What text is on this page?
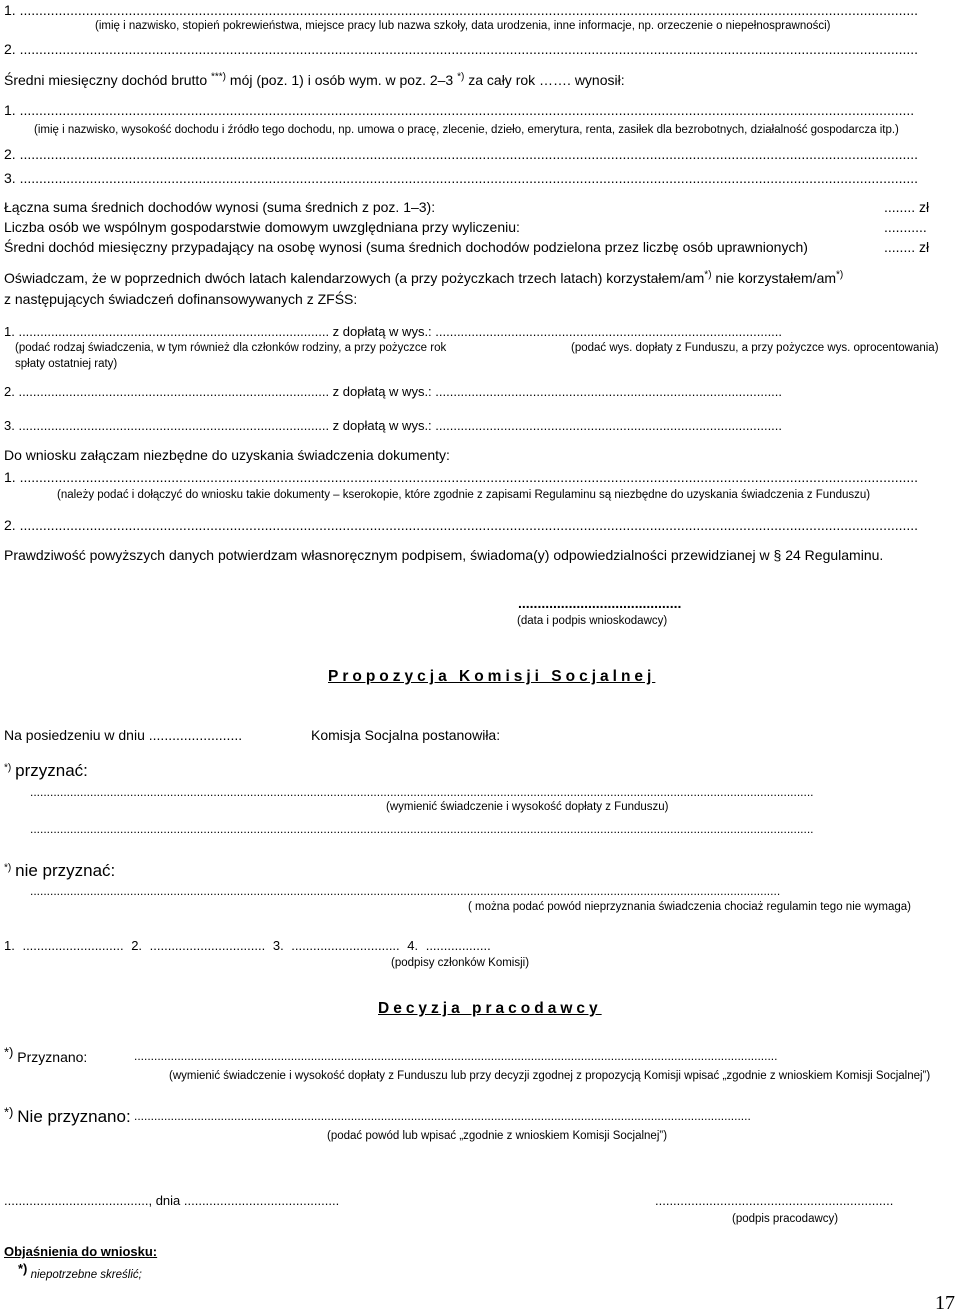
1. .......................................................................................................................................................................................................................................
(imię i nazwisko, stopień pokrewieństwa, miejsce pracy lub nazwa szkoły, data urodzenia, inne informacje, np. orzeczenie o niepełnosprawności)
2. .......................................................................................................................................................................................................................................
Średni miesięczny dochód brutto ***) mój (poz. 1) i osób wym. w poz. 2–3 *) za cały rok ……. wynosił:
1. ......................................................................................................................................................................................................................................
(imię i nazwisko, wysokość dochodu i źródło tego dochodu, np. umowa o pracę, zlecenie, dzieło, emerytura, renta, zasiłek dla bezrobotnych, działalność gospodarcza itp.)
2. .......................................................................................................................................................................................................................................
3. .......................................................................................................................................................................................................................................
Łączna suma średnich dochodów wynosi (suma średnich z poz. 1–3):	........ zł
Liczba osób we wspólnym gospodarstwie domowym uwzględniana przy wyliczeniu:	...........
Średni dochód miesięczny przypadający na osobę wynosi (suma średnich dochodów podzielona przez liczbę osób uprawnionych)	........ zł
Oświadczam, że w poprzednich dwóch latach kalendarzowych (a przy pożyczkach trzech latach) korzystałem/am*) nie korzystałem/am*)
z następujących świadczeń dofinansowywanych z ZFŚS:
1. ...................................................................................... z dopłatą w wys.: ................................................................................................
(podać rodzaj świadczenia, w tym również dla członków rodziny, a przy pożyczce rok
spłaty ostatniej raty)
(podać wys. dopłaty z Funduszu, a przy pożyczce wys. oprocentowania)
2. ...................................................................................... z dopłatą w wys.: ................................................................................................
3. ...................................................................................... z dopłatą w wys.: ................................................................................................
Do wniosku załączam niezbędne do uzyskania świadczenia dokumenty:
1. .......................................................................................................................................................................................................................................
(należy podać i dołączyć do wniosku takie dokumenty – kserokopie, które zgodnie z zapisami Regulaminu są niezbędne do uzyskania świadczenia z Funduszu)
2. .......................................................................................................................................................................................................................................
Prawdziwość powyższych danych potwierdzam własnoręcznym podpisem, świadoma(y) odpowiedzialności przewidzianej w § 24 Regulaminu.
..........................................
(data i podpis wnioskodawcy)
Propozycja Komisji Socjalnej
Na posiedzeniu w dniu ........................	Komisja Socjalna postanowiła:
*) przyznać:
...........................................................................................................................................................................................................................................
(wymienić świadczenie i wysokość dopłaty z Funduszu)
...........................................................................................................................................................................................................................................
*) nie przyznać:
.................................................................................................................................................................................................................................
( można podać powód nieprzyznania świadczenia chociaż regulamin tego nie wymaga)
1. ............................ 2. ................................ 3. .............................. 4. ..................
(podpisy członków Komisji)
Decyzja pracodawcy
*) Przyznano:	.................................................................................................................................................................................................
(wymienić świadczenie i wysokość dopłaty z Funduszu lub przy decyzji zgodnej z propozycją Komisji wpisać „zgodnie z wnioskiem Komisji Socjalnej”)
*) Nie przyznano: .........................................................................................................................................................................................
(podać powód lub wpisać „zgodnie z wnioskiem Komisji Socjalnej”)
........................................, dnia ...........................................	..................................................................
(podpis pracodawcy)
Objaśnienia do wniosku:
*) niepotrzebne skreślić;
17
